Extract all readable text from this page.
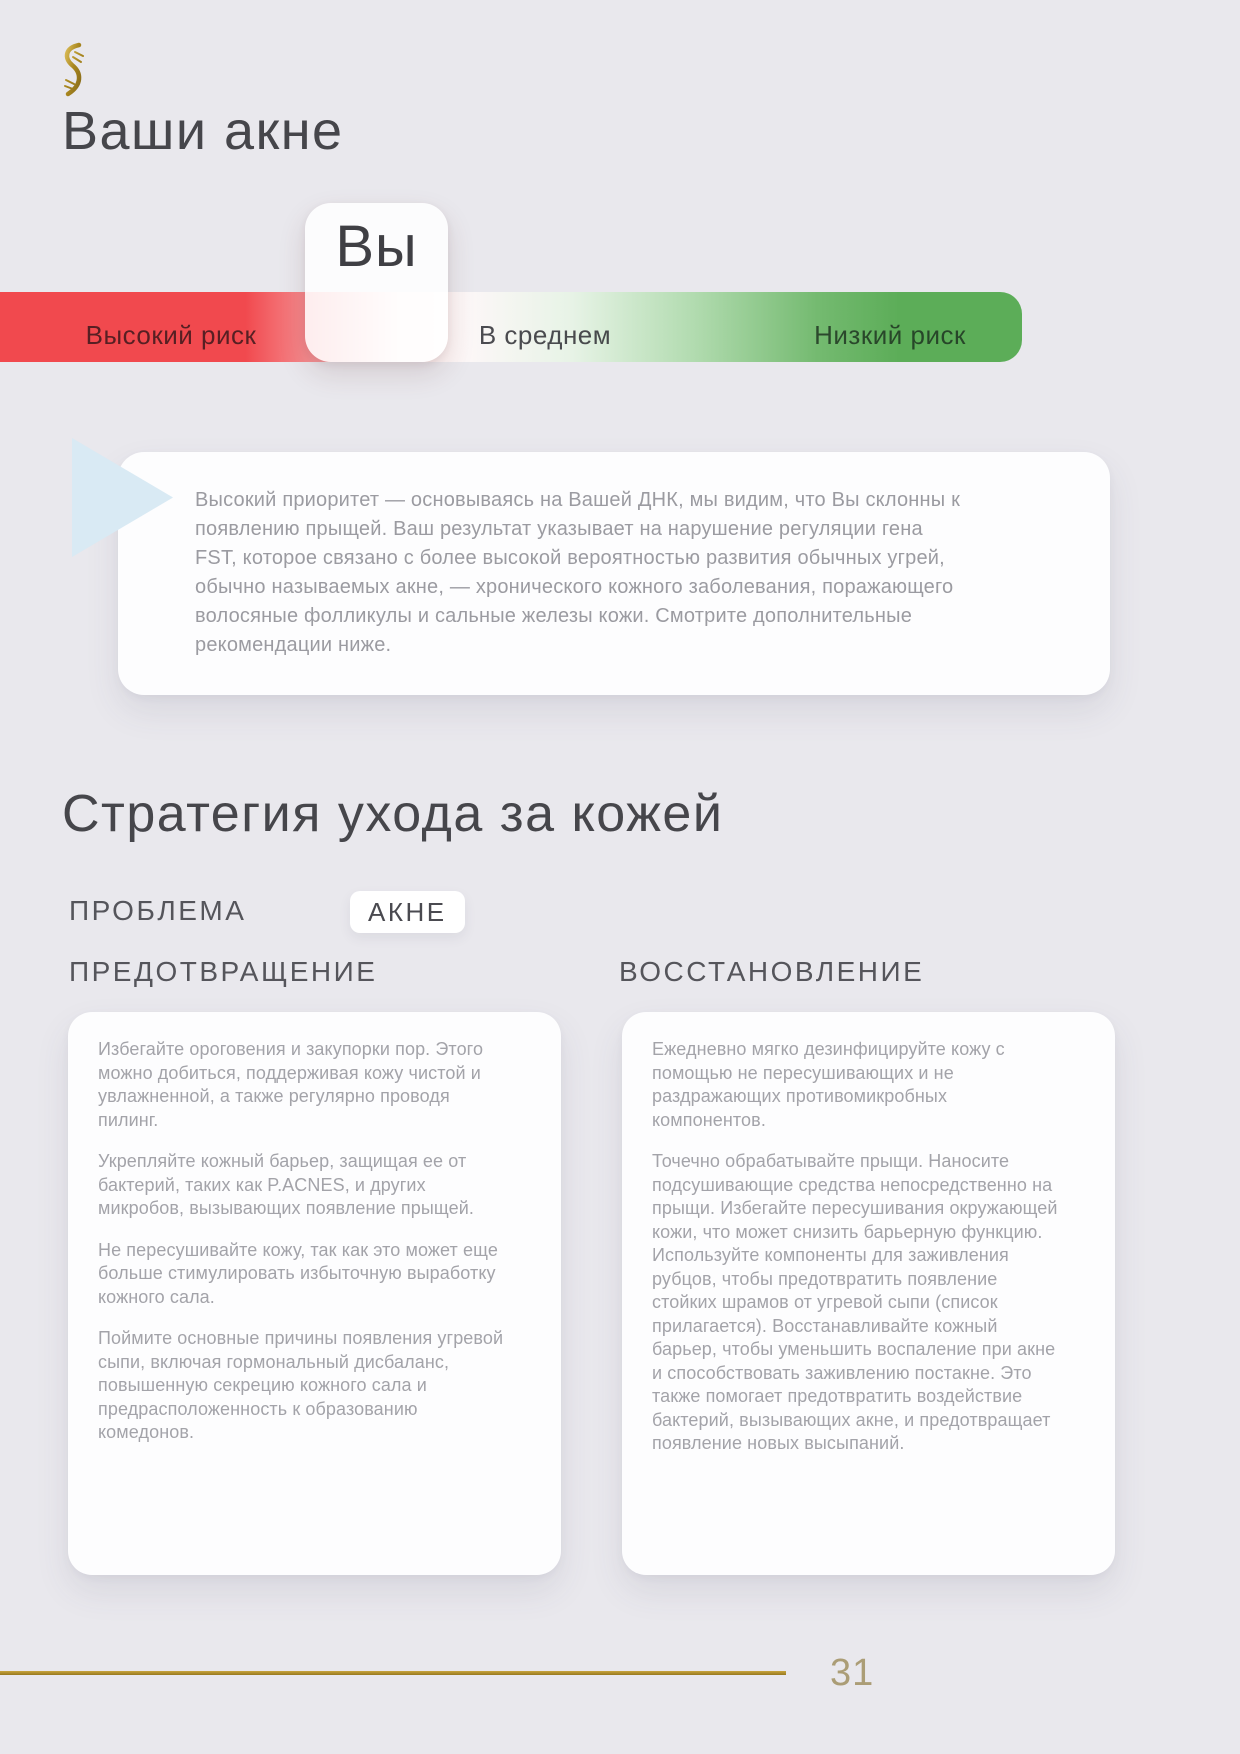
Ваши акне
Высокий риск	В среднем	Низкий риск
Вы
Высокий приоритет — основываясь на Вашей ДНК, мы видим, что Вы склонны к появлению прыщей. Ваш результат указывает на нарушение регуляции гена FST, которое связано с более высокой вероятностью развития обычных угрей, обычно называемых акне, — хронического кожного заболевания, поражающего волосяные фолликулы и сальные железы кожи. Смотрите дополнительные рекомендации ниже.
Стратегия ухода за кожей
ПРОБЛЕМА	АКНЕ
ПРЕДОТВРАЩЕНИЕ	ВОССТАНОВЛЕНИЕ

Избегайте ороговения и закупорки пор. Этого можно добиться, поддерживая кожу чистой и увлажненной, а также регулярно проводя пилинг.

Укрепляйте кожный барьер, защищая ее от бактерий, таких как P.ACNES, и других микробов, вызывающих появление прыщей.

Не пересушивайте кожу, так как это может еще больше стимулировать избыточную выработку кожного сала.

Поймите основные причины появления угревой сыпи, включая гормональный дисбаланс, повышенную секрецию кожного сала и предрасположенность к образованию комедонов.

Ежедневно мягко дезинфицируйте кожу с помощью не пересушивающих и не раздражающих противомикробных компонентов.

Точечно обрабатывайте прыщи. Наносите подсушивающие средства непосредственно на прыщи. Избегайте пересушивания окружающей кожи, что может снизить барьерную функцию. Используйте компоненты для заживления рубцов, чтобы предотвратить появление стойких шрамов от угревой сыпи (список прилагается). Восстанавливайте кожный барьер, чтобы уменьшить воспаление при акне и способствовать заживлению постакне. Это также помогает предотвратить воздействие бактерий, вызывающих акне, и предотвращает появление новых высыпаний.

31
